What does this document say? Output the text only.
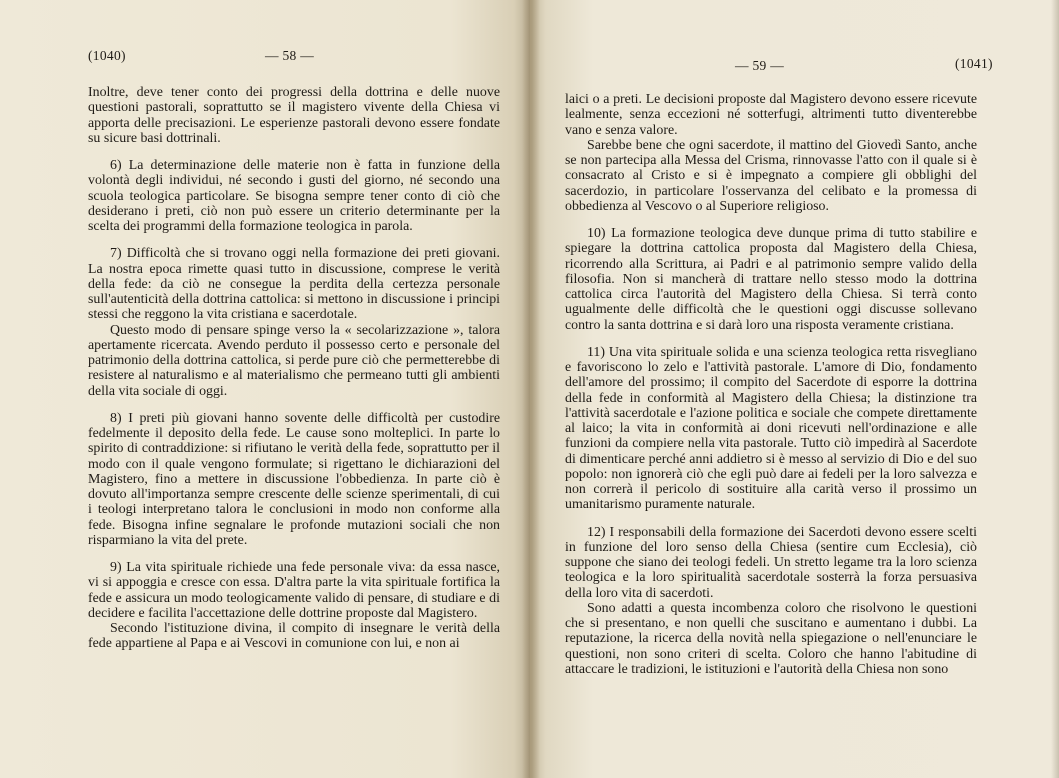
(1040)	— 58 —

Inoltre, deve tener conto dei progressi della dottrina e delle nuove questioni pastorali, soprattutto se il magistero vivente della Chiesa vi apporta delle precisazioni. Le esperienze pastorali devono essere fondate su sicure basi dottrinali.

6) La determinazione delle materie non è fatta in funzione della volontà degli individui, né secondo i gusti del giorno, né secondo una scuola teologica particolare. Se bisogna sempre tener conto di ciò che desiderano i preti, ciò non può essere un criterio determinante per la scelta dei programmi della formazione teologica in parola.

7) Difficoltà che si trovano oggi nella formazione dei preti giovani. La nostra epoca rimette quasi tutto in discussione, comprese le verità della fede: da ciò ne consegue la perdita della certezza personale sull'autenticità della dottrina cattolica: si mettono in discussione i principi stessi che reggono la vita cristiana e sacerdotale.

Questo modo di pensare spinge verso la « secolarizzazione », talora apertamente ricercata. Avendo perduto il possesso certo e personale del patrimonio della dottrina cattolica, si perde pure ciò che permetterebbe di resistere al naturalismo e al materialismo che permeano tutti gli ambienti della vita sociale di oggi.

8) I preti più giovani hanno sovente delle difficoltà per custodire fedelmente il deposito della fede. Le cause sono molteplici. In parte lo spirito di contraddizione: si rifiutano le verità della fede, soprattutto per il modo con il quale vengono formulate; si rigettano le dichiarazioni del Magistero, fino a mettere in discussione l'obbedienza. In parte ciò è dovuto all'importanza sempre crescente delle scienze sperimentali, di cui i teologi interpretano talora le conclusioni in modo non conforme alla fede. Bisogna infine segnalare le profonde mutazioni sociali che non risparmiano la vita del prete.

9) La vita spirituale richiede una fede personale viva: da essa nasce, vi si appoggia e cresce con essa. D'altra parte la vita spirituale fortifica la fede e assicura un modo teologicamente valido di pensare, di studiare e di decidere e facilita l'accettazione delle dottrine proposte dal Magistero.

Secondo l'istituzione divina, il compito di insegnare le verità della fede appartiene al Papa e ai Vescovi in comunione con lui, e non ai

— 59 —	(1041)

laici o a preti. Le decisioni proposte dal Magistero devono essere ricevute lealmente, senza eccezioni né sotterfugi, altrimenti tutto diventerebbe vano e senza valore.

Sarebbe bene che ogni sacerdote, il mattino del Giovedì Santo, anche se non partecipa alla Messa del Crisma, rinnovasse l'atto con il quale si è consacrato al Cristo e si è impegnato a compiere gli obblighi del sacerdozio, in particolare l'osservanza del celibato e la promessa di obbedienza al Vescovo o al Superiore religioso.

10) La formazione teologica deve dunque prima di tutto stabilire e spiegare la dottrina cattolica proposta dal Magistero della Chiesa, ricorrendo alla Scrittura, ai Padri e al patrimonio sempre valido della filosofia. Non si mancherà di trattare nello stesso modo la dottrina cattolica circa l'autorità del Magistero della Chiesa. Si terrà conto ugualmente delle difficoltà che le questioni oggi discusse sollevano contro la santa dottrina e si darà loro una risposta veramente cristiana.

11) Una vita spirituale solida e una scienza teologica retta risvegliano e favoriscono lo zelo e l'attività pastorale. L'amore di Dio, fondamento dell'amore del prossimo; il compito del Sacerdote di esporre la dottrina della fede in conformità al Magistero della Chiesa; la distinzione tra l'attività sacerdotale e l'azione politica e sociale che compete direttamente al laico; la vita in conformità ai doni ricevuti nell'ordinazione e alle funzioni da compiere nella vita pastorale. Tutto ciò impedirà al Sacerdote di dimenticare perché anni addietro si è messo al servizio di Dio e del suo popolo: non ignorerà ciò che egli può dare ai fedeli per la loro salvezza e non correrà il pericolo di sostituire alla carità verso il prossimo un umanitarismo puramente naturale.

12) I responsabili della formazione dei Sacerdoti devono essere scelti in funzione del loro senso della Chiesa (sentire cum Ecclesia), ciò suppone che siano dei teologi fedeli. Un stretto legame tra la loro scienza teologica e la loro spiritualità sacerdotale sosterrà la forza persuasiva della loro vita di sacerdoti.

Sono adatti a questa incombenza coloro che risolvono le questioni che si presentano, e non quelli che suscitano e aumentano i dubbi. La reputazione, la ricerca della novità nella spiegazione o nell'enunciare le questioni, non sono criteri di scelta. Coloro che hanno l'abitudine di attaccare le tradizioni, le istituzioni e l'autorità della Chiesa non sono
